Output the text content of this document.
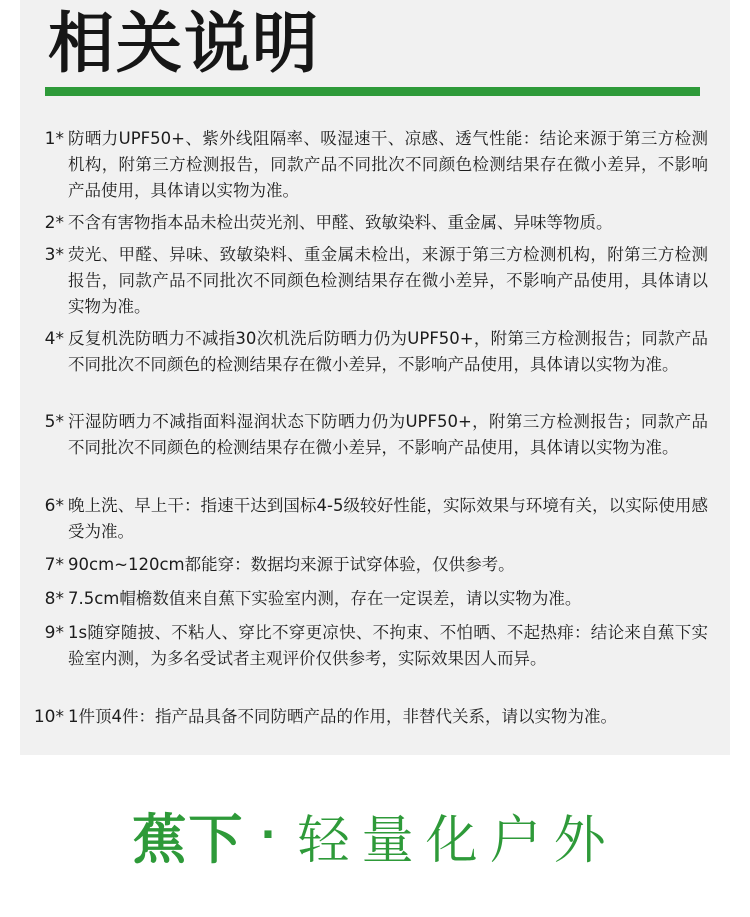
相关说明
1* 防晒力UPF50+、紫外线阻隔率、吸湿速干、凉感、透气性能：结论来源于第三方检测机构，附第三方检测报告，同款产品不同批次不同颜色检测结果存在微小差异，不影响产品使用，具体请以实物为准。

2* 不含有害物指本品未检出荧光剂、甲醛、致敏染料、重金属、异味等物质。

3* 荧光、甲醛、异味、致敏染料、重金属未检出，来源于第三方检测机构，附第三方检测报告，同款产品不同批次不同颜色检测结果存在微小差异，不影响产品使用，具体请以实物为准。

4* 反复机洗防晒力不减指30次机洗后防晒力仍为UPF50+，附第三方检测报告；同款产品不同批次不同颜色的检测结果存在微小差异，不影响产品使用，具体请以实物为准。

5* 汗湿防晒力不减指面料湿润状态下防晒力仍为UPF50+，附第三方检测报告；同款产品不同批次不同颜色的检测结果存在微小差异，不影响产品使用，具体请以实物为准。

6* 晚上洗、早上干：指速干达到国标4-5级较好性能，实际效果与环境有关，以实际使用感受为准。

7* 90cm~120cm都能穿：数据均来源于试穿体验，仅供参考。

8* 7.5cm帽檐数值来自蕉下实验室内测，存在一定误差，请以实物为准。

9* 1s随穿随披、不粘人、穿比不穿更凉快、不拘束、不怕晒、不起热痱：结论来自蕉下实验室内测，为多名受试者主观评价仅供参考，实际效果因人而异。

10* 1件顶4件：指产品具备不同防晒产品的作用，非替代关系，请以实物为准。

蕉下 · 轻量化户外
